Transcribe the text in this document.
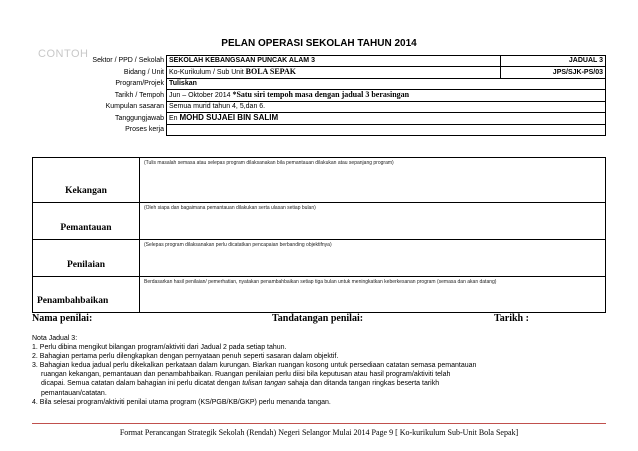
CONTOH
PELAN OPERASI SEKOLAH TAHUN 2014
Sektor / PPD / Sekolah	SEKOLAH KEBANGSAAN PUNCAK ALAM 3	JADUAL 3
Bidang / Unit	Ko-Kurikulum / Sub Unit BOLA SEPAK	JPS/SJK-PS/03
Program/Projek	Tuliskan	
Tarikh / Tempoh	Jun – Oktober 2014 *Satu siri tempoh masa dengan jadual 3 berasingan	
Kumpulan sasaran	Semua murid tahun 4, 5,dan 6.	
Tanggungjawab	En MOHD SUJAEI BIN SALIM	
Proses kerja		
Kekangan	(Tulis masalah semasa atau selepas program dilaksanakan bila pemantauan dilakukan atau sepanjang program)
Pemantauan	(Oleh siapa dan bagaimana pemantauan dilakukan serta ulasan setiap bulan)
Penilaian	(Selepas program dilaksanakan perlu dicatatkan pencapaian berbanding objektifnya)
Penambahbaikan	Berdasarkan hasil penilaian/ pemerhatian, nyatakan penambahbaikan setiap tiga bulan untuk meningkatkan keberkesanan program (semasa dan akan datang)
Nama penilai:	Tandatangan penilai:	Tarikh :
Nota Jadual 3:
1. Perlu dibina mengikut bilangan program/aktiviti dari Jadual 2 pada setiap tahun.
2. Bahagian pertama perlu dilengkapkan dengan pernyataan penuh seperti sasaran dalam objektif.
3. Bahagian kedua jadual perlu dikekalkan perkataan dalam kurungan. Biarkan ruangan kosong untuk persediaan catatan semasa pemantauan
ruangan kekangan, pemantauan dan penambahbaikan. Ruangan penilaian perlu diisi bila keputusan atau hasil program/aktiviti telah
dicapai. Semua catatan dalam bahagian ini perlu dicatat dengan tulisan tangan sahaja dan ditanda tangan ringkas beserta tarikh
pemantauan/catatan.
4. Bila selesai program/aktiviti penilai utama program (KS/PGB/KB/GKP) perlu menanda tangan.
Format Perancangan Strategik Sekolah (Rendah) Negeri Selangor Mulai 2014 Page 9 [ Ko-kurikulum Sub-Unit Bola Sepak]
